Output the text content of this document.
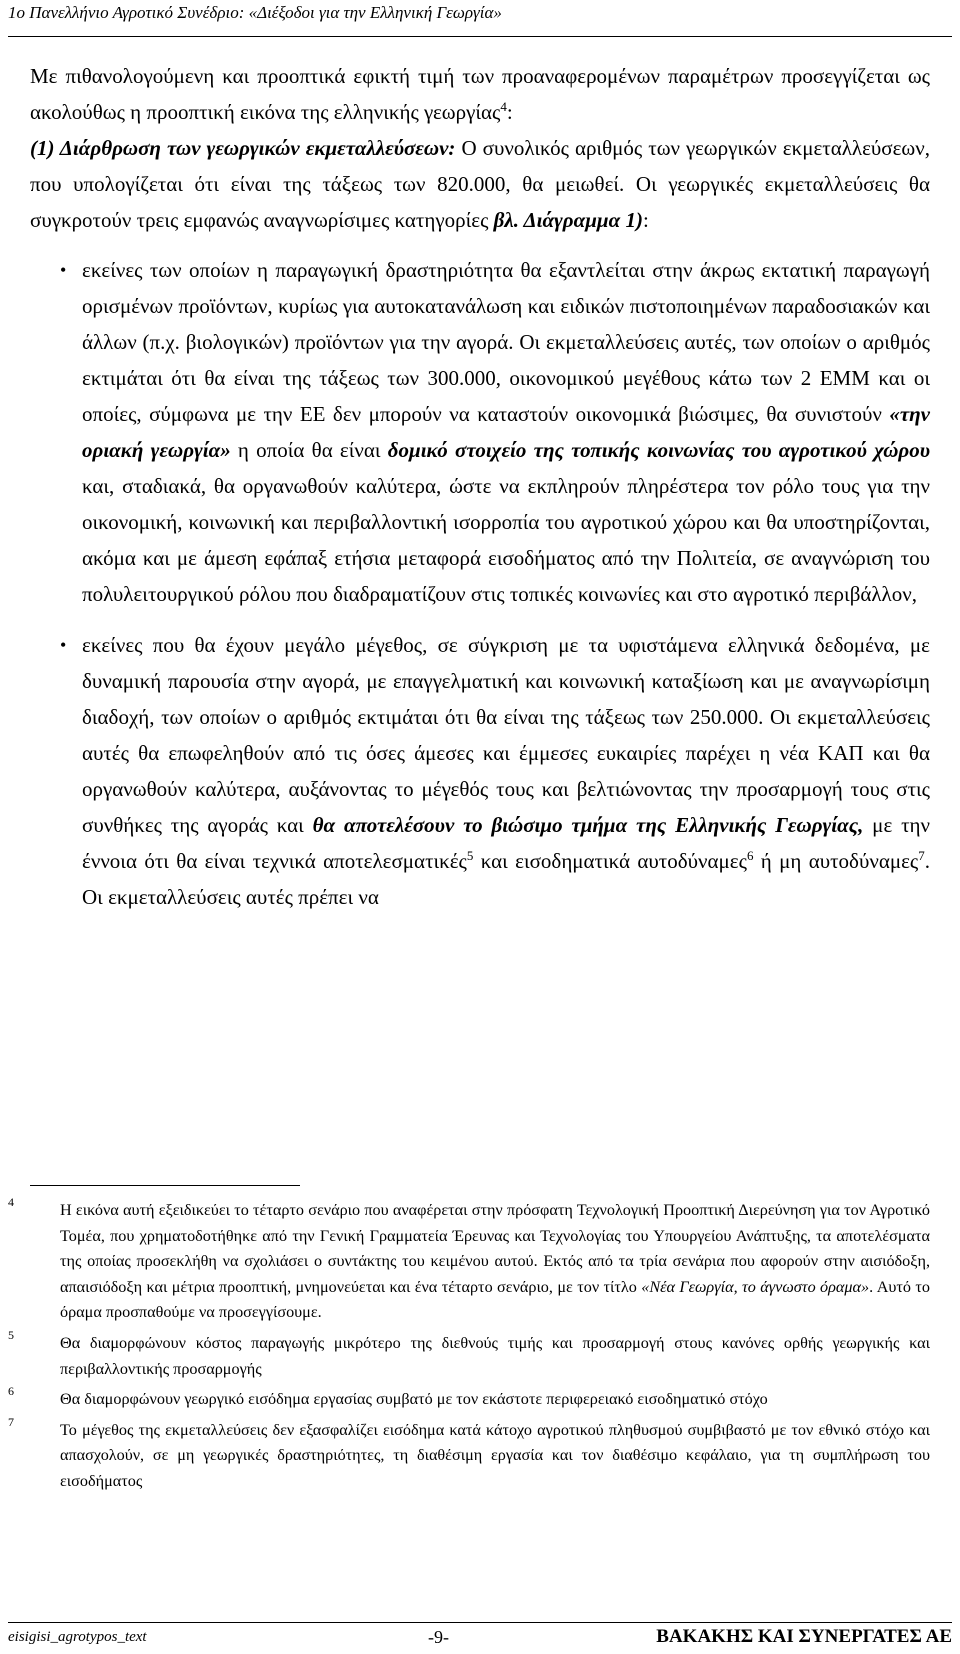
1ο Πανελλήνιο Αγροτικό Συνέδριο: «Διέξοδοι για την Ελληνική Γεωργία»

Με πιθανολογούμενη και προοπτικά εφικτή τιμή των προαναφερομένων παραμέτρων προσεγγίζεται ως ακολούθως η προοπτική εικόνα της ελληνικής γεωργίας$^4$:

(1) Διάρθρωση των γεωργικών εκμεταλλεύσεων: Ο συνολικός αριθμός των γεωργικών εκμεταλλεύσεων, που υπολογίζεται ότι είναι της τάξεως των 820.000, θα μειωθεί. Οι γεωργικές εκμεταλλεύσεις θα συγκροτούν τρεις εμφανώς αναγνωρίσιμες κατηγορίες βλ. Διάγραμμα 1):

• εκείνες των οποίων η παραγωγική δραστηριότητα θα εξαντλείται στην άκρως εκτατική παραγωγή ορισμένων προϊόντων, κυρίως για αυτοκατανάλωση και ειδικών πιστοποιημένων παραδοσιακών και άλλων (π.χ. βιολογικών) προϊόντων για την αγορά. Οι εκμεταλλεύσεις αυτές, των οποίων ο αριθμός εκτιμάται ότι θα είναι της τάξεως των 300.000, οικονομικού μεγέθους κάτω των 2 ΕΜΜ και οι οποίες, σύμφωνα με την ΕΕ δεν μπορούν να καταστούν οικονομικά βιώσιμες, θα συνιστούν «την οριακή γεωργία» η οποία θα είναι δομικό στοιχείο της τοπικής κοινωνίας του αγροτικού χώρου και, σταδιακά, θα οργανωθούν καλύτερα, ώστε να εκπληρούν πληρέστερα τον ρόλο τους για την οικονομική, κοινωνική και περιβαλλοντική ισορροπία του αγροτικού χώρου και θα υποστηρίζονται, ακόμα και με άμεση εφάπαξ ετήσια μεταφορά εισοδήματος από την Πολιτεία, σε αναγνώριση του πολυλειτουργικού ρόλου που διαδραματίζουν στις τοπικές κοινωνίες και στο αγροτικό περιβάλλον,
• εκείνες που θα έχουν μεγάλο μέγεθος, σε σύγκριση με τα υφιστάμενα ελληνικά δεδομένα, με δυναμική παρουσία στην αγορά, με επαγγελματική και κοινωνική καταξίωση και με αναγνωρίσιμη διαδοχή, των οποίων ο αριθμός εκτιμάται ότι θα είναι της τάξεως των 250.000. Οι εκμεταλλεύσεις αυτές θα επωφεληθούν από τις όσες άμεσες και έμμεσες ευκαιρίες παρέχει η νέα ΚΑΠ και θα οργανωθούν καλύτερα, αυξάνοντας το μέγεθός τους και βελτιώνοντας την προσαρμογή τους στις συνθήκες της αγοράς και θα αποτελέσουν το βιώσιμο τμήμα της Ελληνικής Γεωργίας, με την έννοια ότι θα είναι τεχνικά αποτελεσματικές$^5$ και εισοδηματικά αυτοδύναμες$^6$ ή μη αυτοδύναμες$^7$. Οι εκμεταλλεύσεις αυτές πρέπει να
4	Η εικόνα αυτή εξειδικεύει το τέταρτο σενάριο που αναφέρεται στην πρόσφατη Τεχνολογική Προοπτική Διερεύνηση για τον Αγροτικό Τομέα, που χρηματοδοτήθηκε από την Γενική Γραμματεία Έρευνας και Τεχνολογίας του Υπουργείου Ανάπτυξης, τα αποτελέσματα της οποίας προσεκλήθη να σχολιάσει ο συντάκτης του κειμένου αυτού. Εκτός από τα τρία σενάρια που αφορούν στην αισιόδοξη, απαισιόδοξη και μέτρια προοπτική, μνημονεύεται και ένα τέταρτο σενάριο, με τον τίτλο «Νέα Γεωργία, το άγνωστο όραμα». Αυτό το όραμα προσπαθούμε να προσεγγίσουμε.
5	Θα διαμορφώνουν κόστος παραγωγής μικρότερο της διεθνούς τιμής και προσαρμογή στους κανόνες ορθής γεωργικής και περιβαλλοντικής προσαρμογής
6	Θα διαμορφώνουν γεωργικό εισόδημα εργασίας συμβατό με τον εκάστοτε περιφερειακό εισοδηματικό στόχο
7	Το μέγεθος της εκμεταλλεύσεις δεν εξασφαλίζει εισόδημα κατά κάτοχο αγροτικού πληθυσμού συμβιβαστό με τον εθνικό στόχο και απασχολούν, σε μη γεωργικές δραστηριότητες, τη διαθέσιμη εργασία και τον διαθέσιμο κεφάλαιο, για τη συμπλήρωση του εισοδήματος
eisigisi_agrotypos_text	-9-	ΒΑΚΑΚΗΣ ΚΑΙ ΣΥΝΕΡΓΑΤΕΣ ΑΕ
